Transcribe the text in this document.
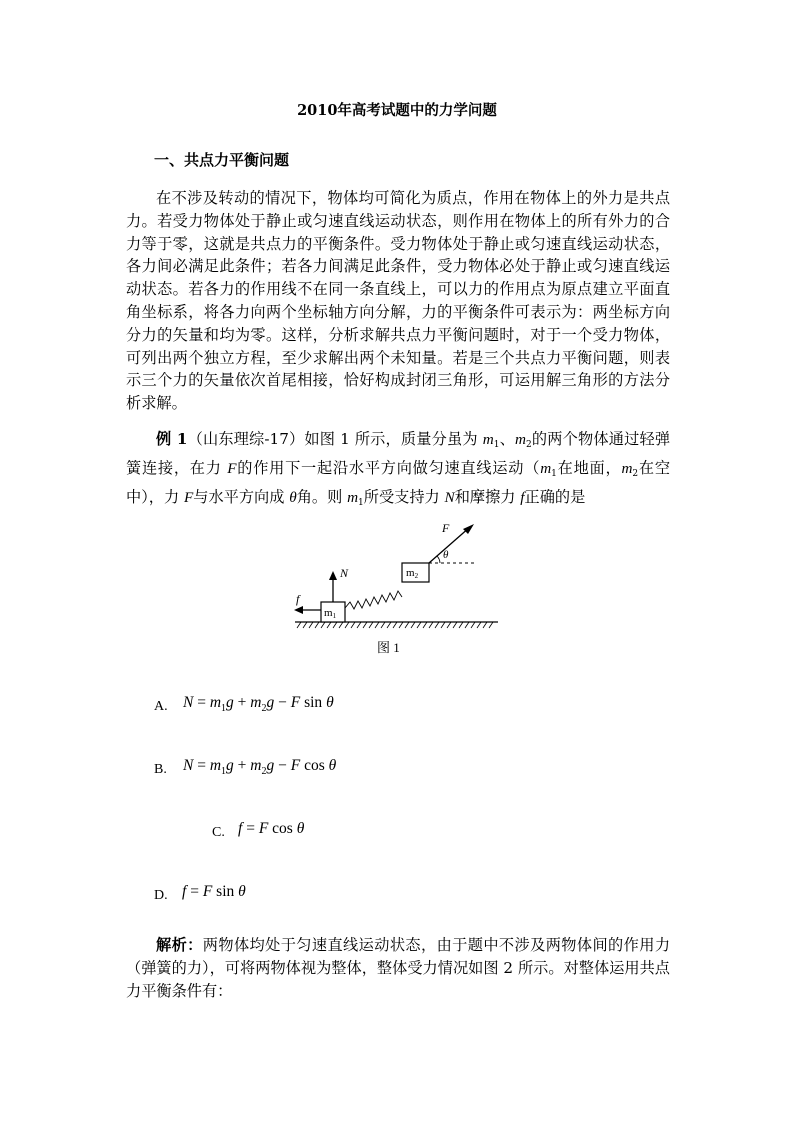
2010年高考试题中的力学问题
一、共点力平衡问题
在不涉及转动的情况下，物体均可简化为质点，作用在物体上的外力是共点力。若受力物体处于静止或匀速直线运动状态，则作用在物体上的所有外力的合力等于零，这就是共点力的平衡条件。受力物体处于静止或匀速直线运动状态，各力间必满足此条件；若各力间满足此条件，受力物体必处于静止或匀速直线运动状态。若各力的作用线不在同一条直线上，可以力的作用点为原点建立平面直角坐标系，将各力向两个坐标轴方向分解，力的平衡条件可表示为：两坐标方向分力的矢量和均为零。这样，分析求解共点力平衡问题时，对于一个受力物体，可列出两个独立方程，至少求解出两个未知量。若是三个共点力平衡问题，则表示三个力的矢量依次首尾相接，恰好构成封闭三角形，可运用解三角形的方法分析求解。
例 1（山东理综-17）如图 1 所示，质量分虽为 $m_1$、$m_2$的两个物体通过轻弹簧连接，在力 F的作用下一起沿水平方向做匀速直线运动（$m_1$在地面，$m_2$在空中），力 F与水平方向成 θ角。则 $m_1$所受支持力 N和摩擦力 f正确的是
m1
m2
F
θ
N
f
图 1
A. $N = m_1g + m_2g - F$ sin θ
B. $N = m_1g + m_2g - F$ cos θ
C. f = F cos θ
D. f = F sin θ
解析：两物体均处于匀速直线运动状态，由于题中不涉及两物体间的作用力（弹簧的力），可将两物体视为整体，整体受力情况如图 2 所示。对整体运用共点力平衡条件有：
